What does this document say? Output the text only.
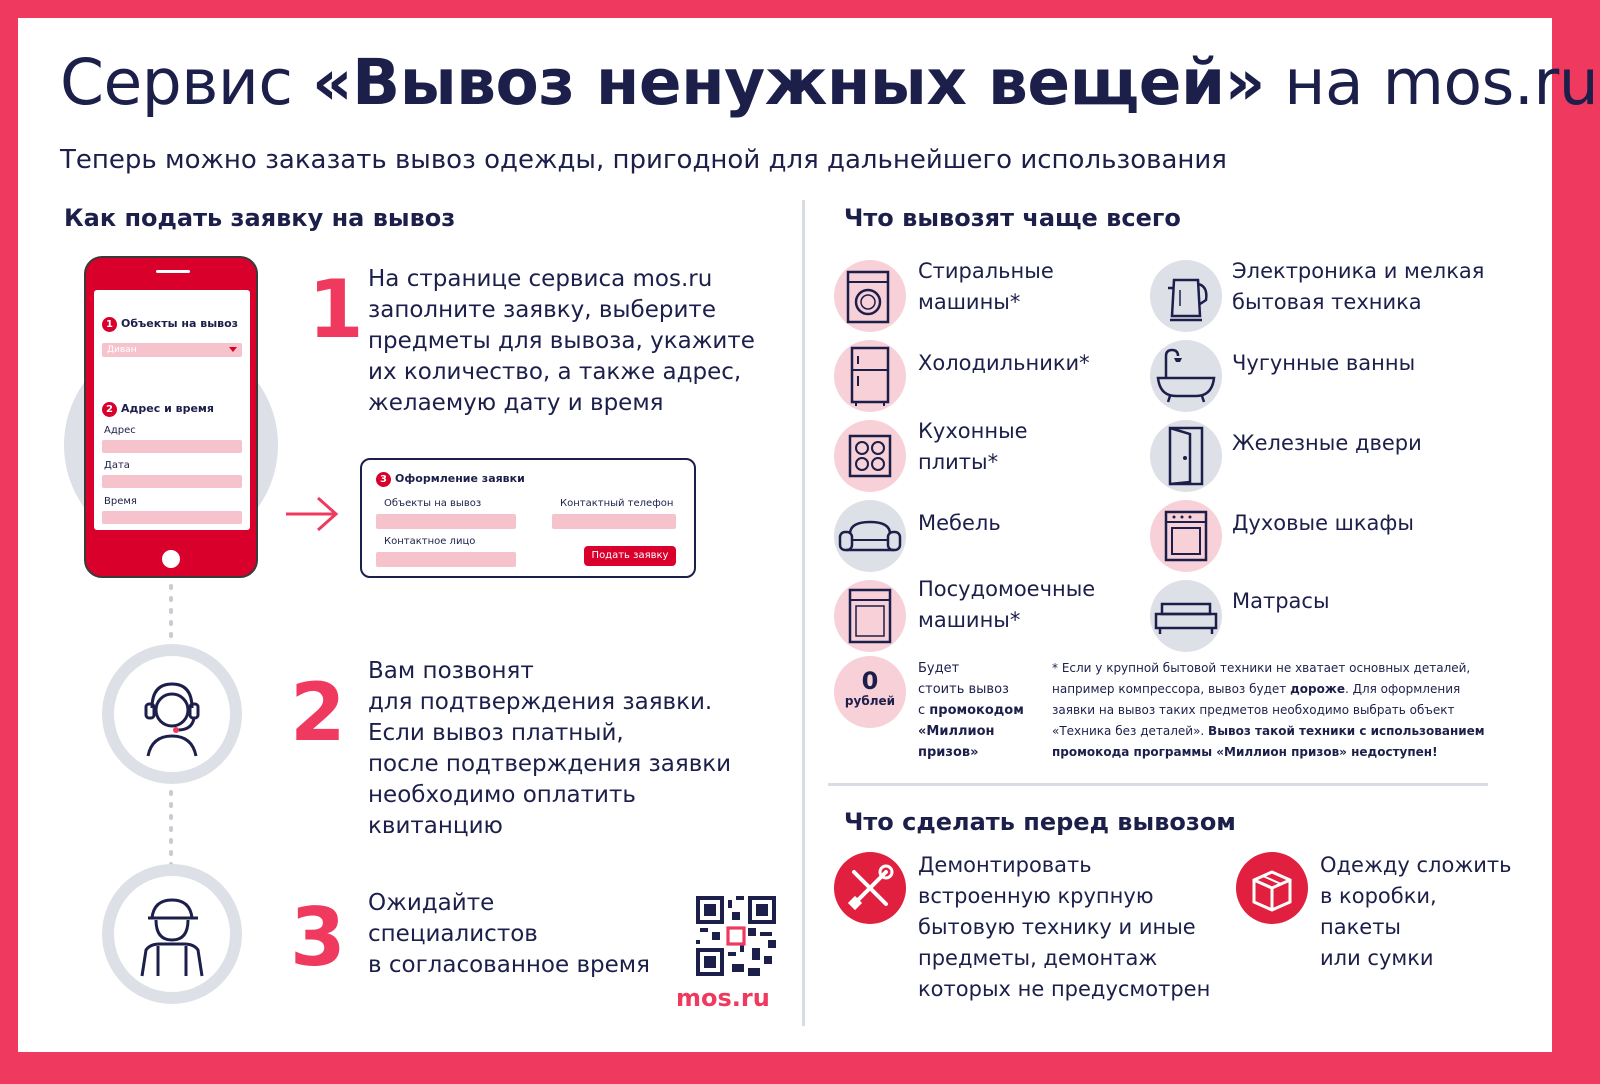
Сервис «Вывоз ненужных вещей» на mos.ru
Теперь можно заказать вывоз одежды, пригодной для дальнейшего использования
Как подать заявку на вывоз
1 Объекты на вывоз
Диван
2 Адрес и время
Адрес
Дата
Время
3 Оформление заявки
Объекты на вывоз	Контактный телефон
Контактное лицо
Подать заявку
1 На странице сервиса mos.ru
заполните заявку, выберите
предметы для вывоза, укажите
их количество, а также адрес,
желаемую дату и время
2 Вам позвонят
для подтверждения заявки.
Если вывоз платный,
после подтверждения заявки
необходимо оплатить
квитанцию
3 Ожидайте
специалистов
в согласованное время
mos.ru
Что вывозят чаще всего
Стиральные
машины*
Холодильники*
Кухонные
плиты*
Мебель
Посудомоечные
машины*
Электроника и мелкая
бытовая техника
Чугунные ванны
Железные двери
Духовые шкафы
Матрасы
0
рублей
Будет
стоить вывоз
с промокодом
«Миллион
призов»
* Если у крупной бытовой техники не хватает основных деталей,
например компрессора, вывоз будет дороже. Для оформления
заявки на вывоз таких предметов необходимо выбрать объект
«Техника без деталей». Вывоз такой техники с использованием
промокода программы «Миллион призов» недоступен!
Что сделать перед вывозом
Демонтировать
встроенную крупную
бытовую технику и иные
предметы, демонтаж
которых не предусмотрен
Одежду сложить
в коробки,
пакеты
или сумки
